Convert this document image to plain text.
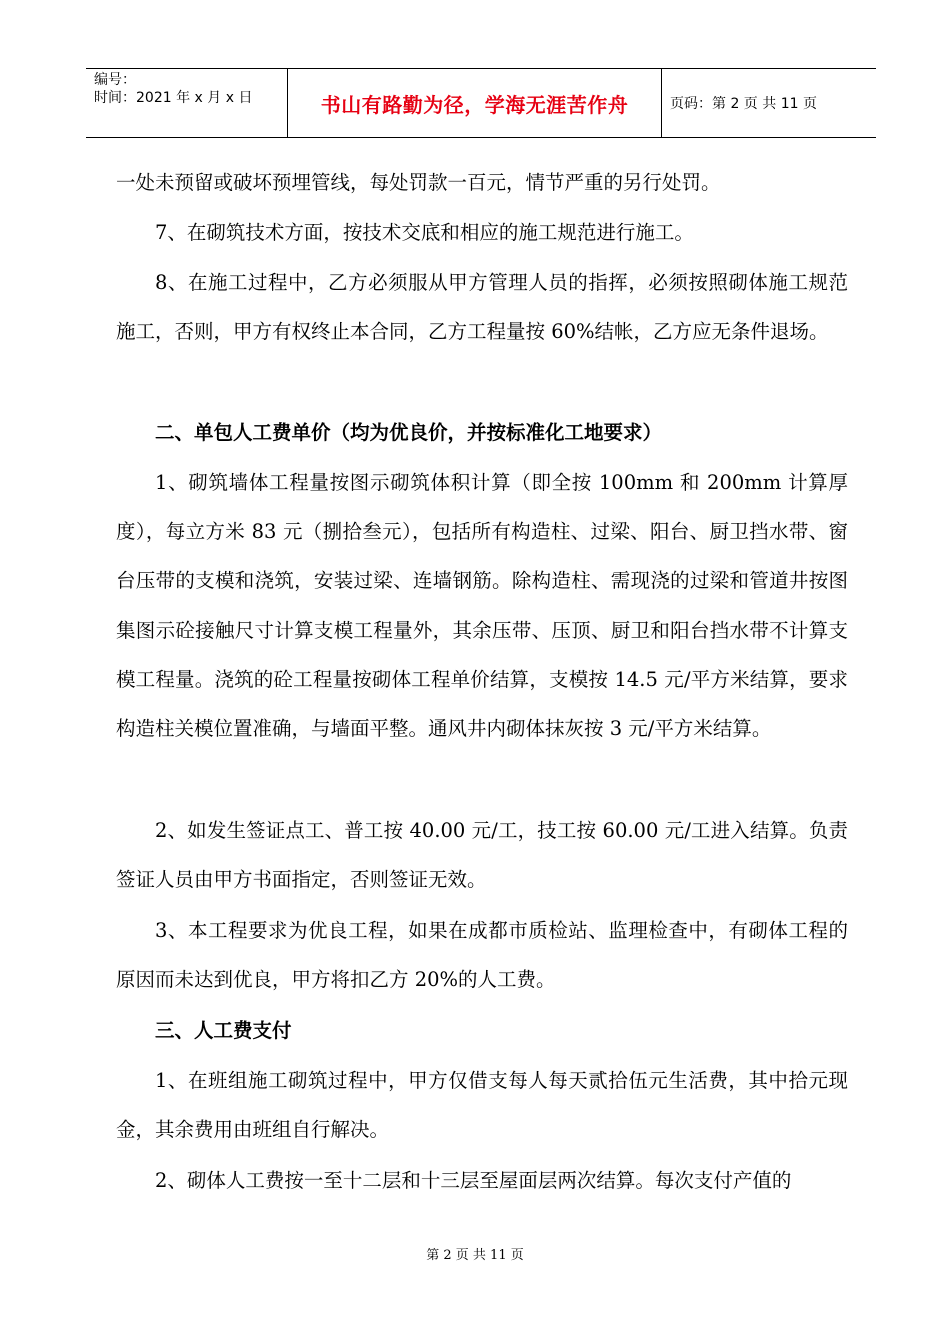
编号：
时间：2021 年 x 月 x 日	书山有路勤为径，学海无涯苦作舟	页码：第 2 页 共 11 页

一处未预留或破坏预埋管线，每处罚款一百元，情节严重的另行处罚。

7、在砌筑技术方面，按技术交底和相应的施工规范进行施工。

8、在施工过程中，乙方必须服从甲方管理人员的指挥，必须按照砌体施工规范施工，否则，甲方有权终止本合同，乙方工程量按 60%结帐，乙方应无条件退场。

二、单包人工费单价（均为优良价，并按标准化工地要求）

1、砌筑墙体工程量按图示砌筑体积计算（即全按 100mm 和 200mm 计算厚度），每立方米 83 元（捌拾叁元），包括所有构造柱、过梁、阳台、厨卫挡水带、窗台压带的支模和浇筑，安装过梁、连墙钢筋。除构造柱、需现浇的过梁和管道井按图集图示砼接触尺寸计算支模工程量外，其余压带、压顶、厨卫和阳台挡水带不计算支模工程量。浇筑的砼工程量按砌体工程单价结算，支模按 14.5 元/平方米结算，要求构造柱关模位置准确，与墙面平整。通风井内砌体抹灰按 3 元/平方米结算。

2、如发生签证点工、普工按 40.00 元/工，技工按 60.00 元/工进入结算。负责签证人员由甲方书面指定，否则签证无效。

3、本工程要求为优良工程，如果在成都市质检站、监理检查中，有砌体工程的原因而未达到优良，甲方将扣乙方 20%的人工费。

三、人工费支付

1、在班组施工砌筑过程中，甲方仅借支每人每天贰拾伍元生活费，其中拾元现金，其余费用由班组自行解决。

2、砌体人工费按一至十二层和十三层至屋面层两次结算。每次支付产值的

第 2 页 共 11 页
